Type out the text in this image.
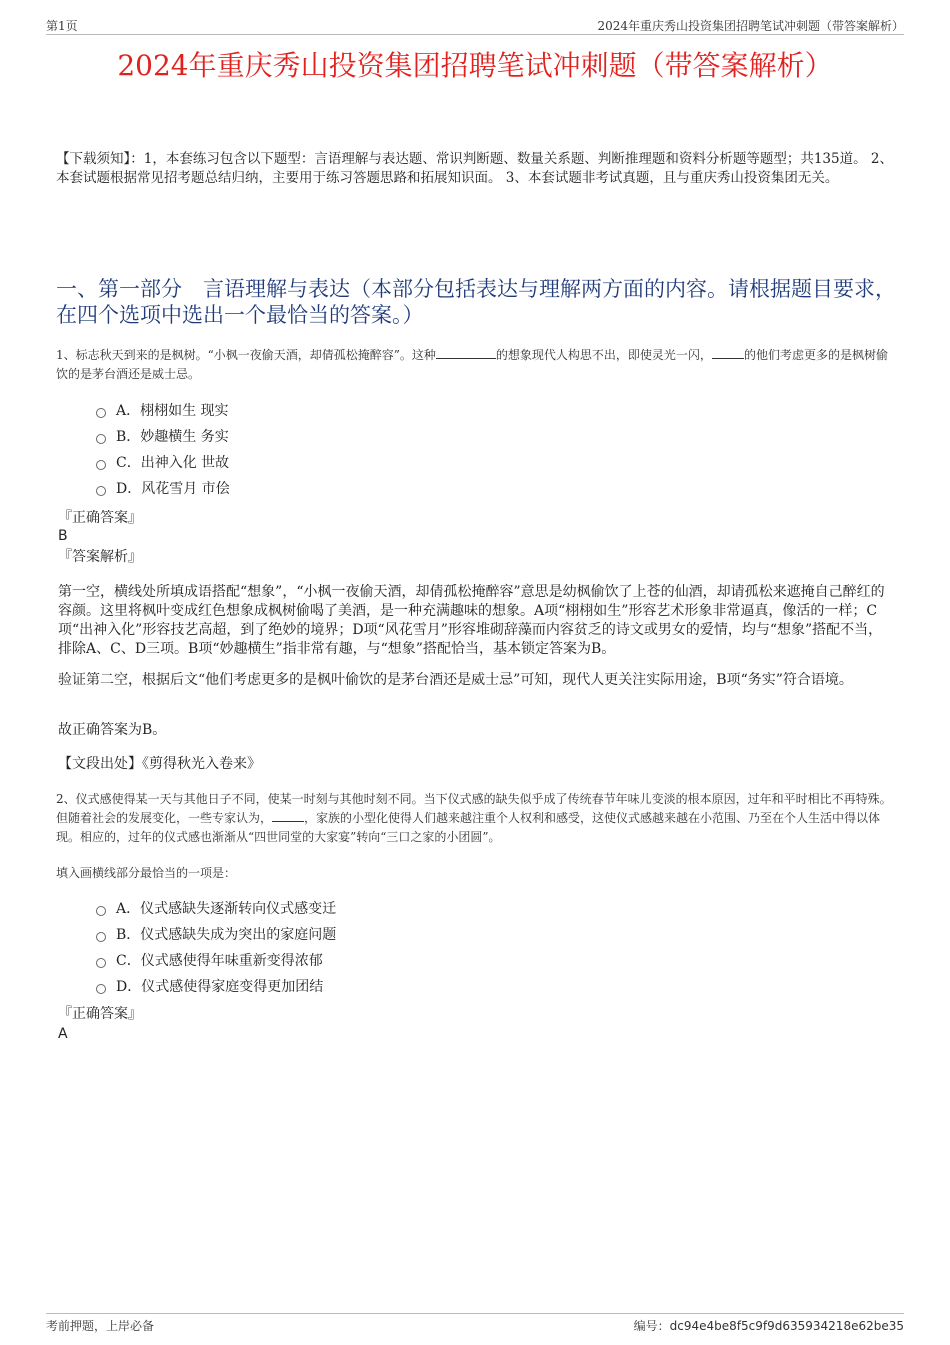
第1页	2024年重庆秀山投资集团招聘笔试冲刺题（带答案解析）
2024年重庆秀山投资集团招聘笔试冲刺题（带答案解析）
【下载须知】：1，本套练习包含以下题型：言语理解与表达题、常识判断题、数量关系题、判断推理题和资料分析题等题型；共135道。 2、本套试题根据常见招考题总结归纳，主要用于练习答题思路和拓展知识面。 3、本套试题非考试真题，且与重庆秀山投资集团无关。
一、第一部分　言语理解与表达（本部分包括表达与理解两方面的内容。请根据题目要求，在四个选项中选出一个最恰当的答案。）
1、标志秋天到来的是枫树。“小枫一夜偷天酒，却倩孤松掩醉容”。这种	的想象现代人构思不出，即使灵光一闪，	的他们考虑更多的是枫树偷饮的是茅台酒还是威士忌。
A．栩栩如生 现实
B．妙趣横生 务实
C．出神入化 世故
D．风花雪月 市侩
『正确答案』
B
『答案解析』
第一空，横线处所填成语搭配“想象”，“小枫一夜偷天酒，却倩孤松掩醉容”意思是幼枫偷饮了上苍的仙酒，却请孤松来遮掩自己醉红的容颜。这里将枫叶变成红色想象成枫树偷喝了美酒，是一种充满趣味的想象。A项“栩栩如生”形容艺术形象非常逼真，像活的一样；C项“出神入化”形容技艺高超，到了绝妙的境界；D项“风花雪月”形容堆砌辞藻而内容贫乏的诗文或男女的爱情，均与“想象”搭配不当，排除A、C、D三项。B项“妙趣横生”指非常有趣，与“想象”搭配恰当，基本锁定答案为B。
验证第二空，根据后文“他们考虑更多的是枫叶偷饮的是茅台酒还是威士忌”可知，现代人更关注实际用途，B项“务实”符合语境。
故正确答案为B。
【文段出处】《剪得秋光入卷来》
2、仪式感使得某一天与其他日子不同，使某一时刻与其他时刻不同。当下仪式感的缺失似乎成了传统春节年味儿变淡的根本原因，过年和平时相比不再特殊。但随着社会的发展变化，一些专家认为，	，家族的小型化使得人们越来越注重个人权利和感受，这使仪式感越来越在小范围、乃至在个人生活中得以体现。相应的，过年的仪式感也渐渐从“四世同堂的大家宴”转向“三口之家的小团圆”。
填入画横线部分最恰当的一项是：
A．仪式感缺失逐渐转向仪式感变迁
B．仪式感缺失成为突出的家庭问题
C．仪式感使得年味重新变得浓郁
D．仪式感使得家庭变得更加团结
『正确答案』
A
考前押题，上岸必备	编号：dc94e4be8f5c9f9d635934218e62be35
